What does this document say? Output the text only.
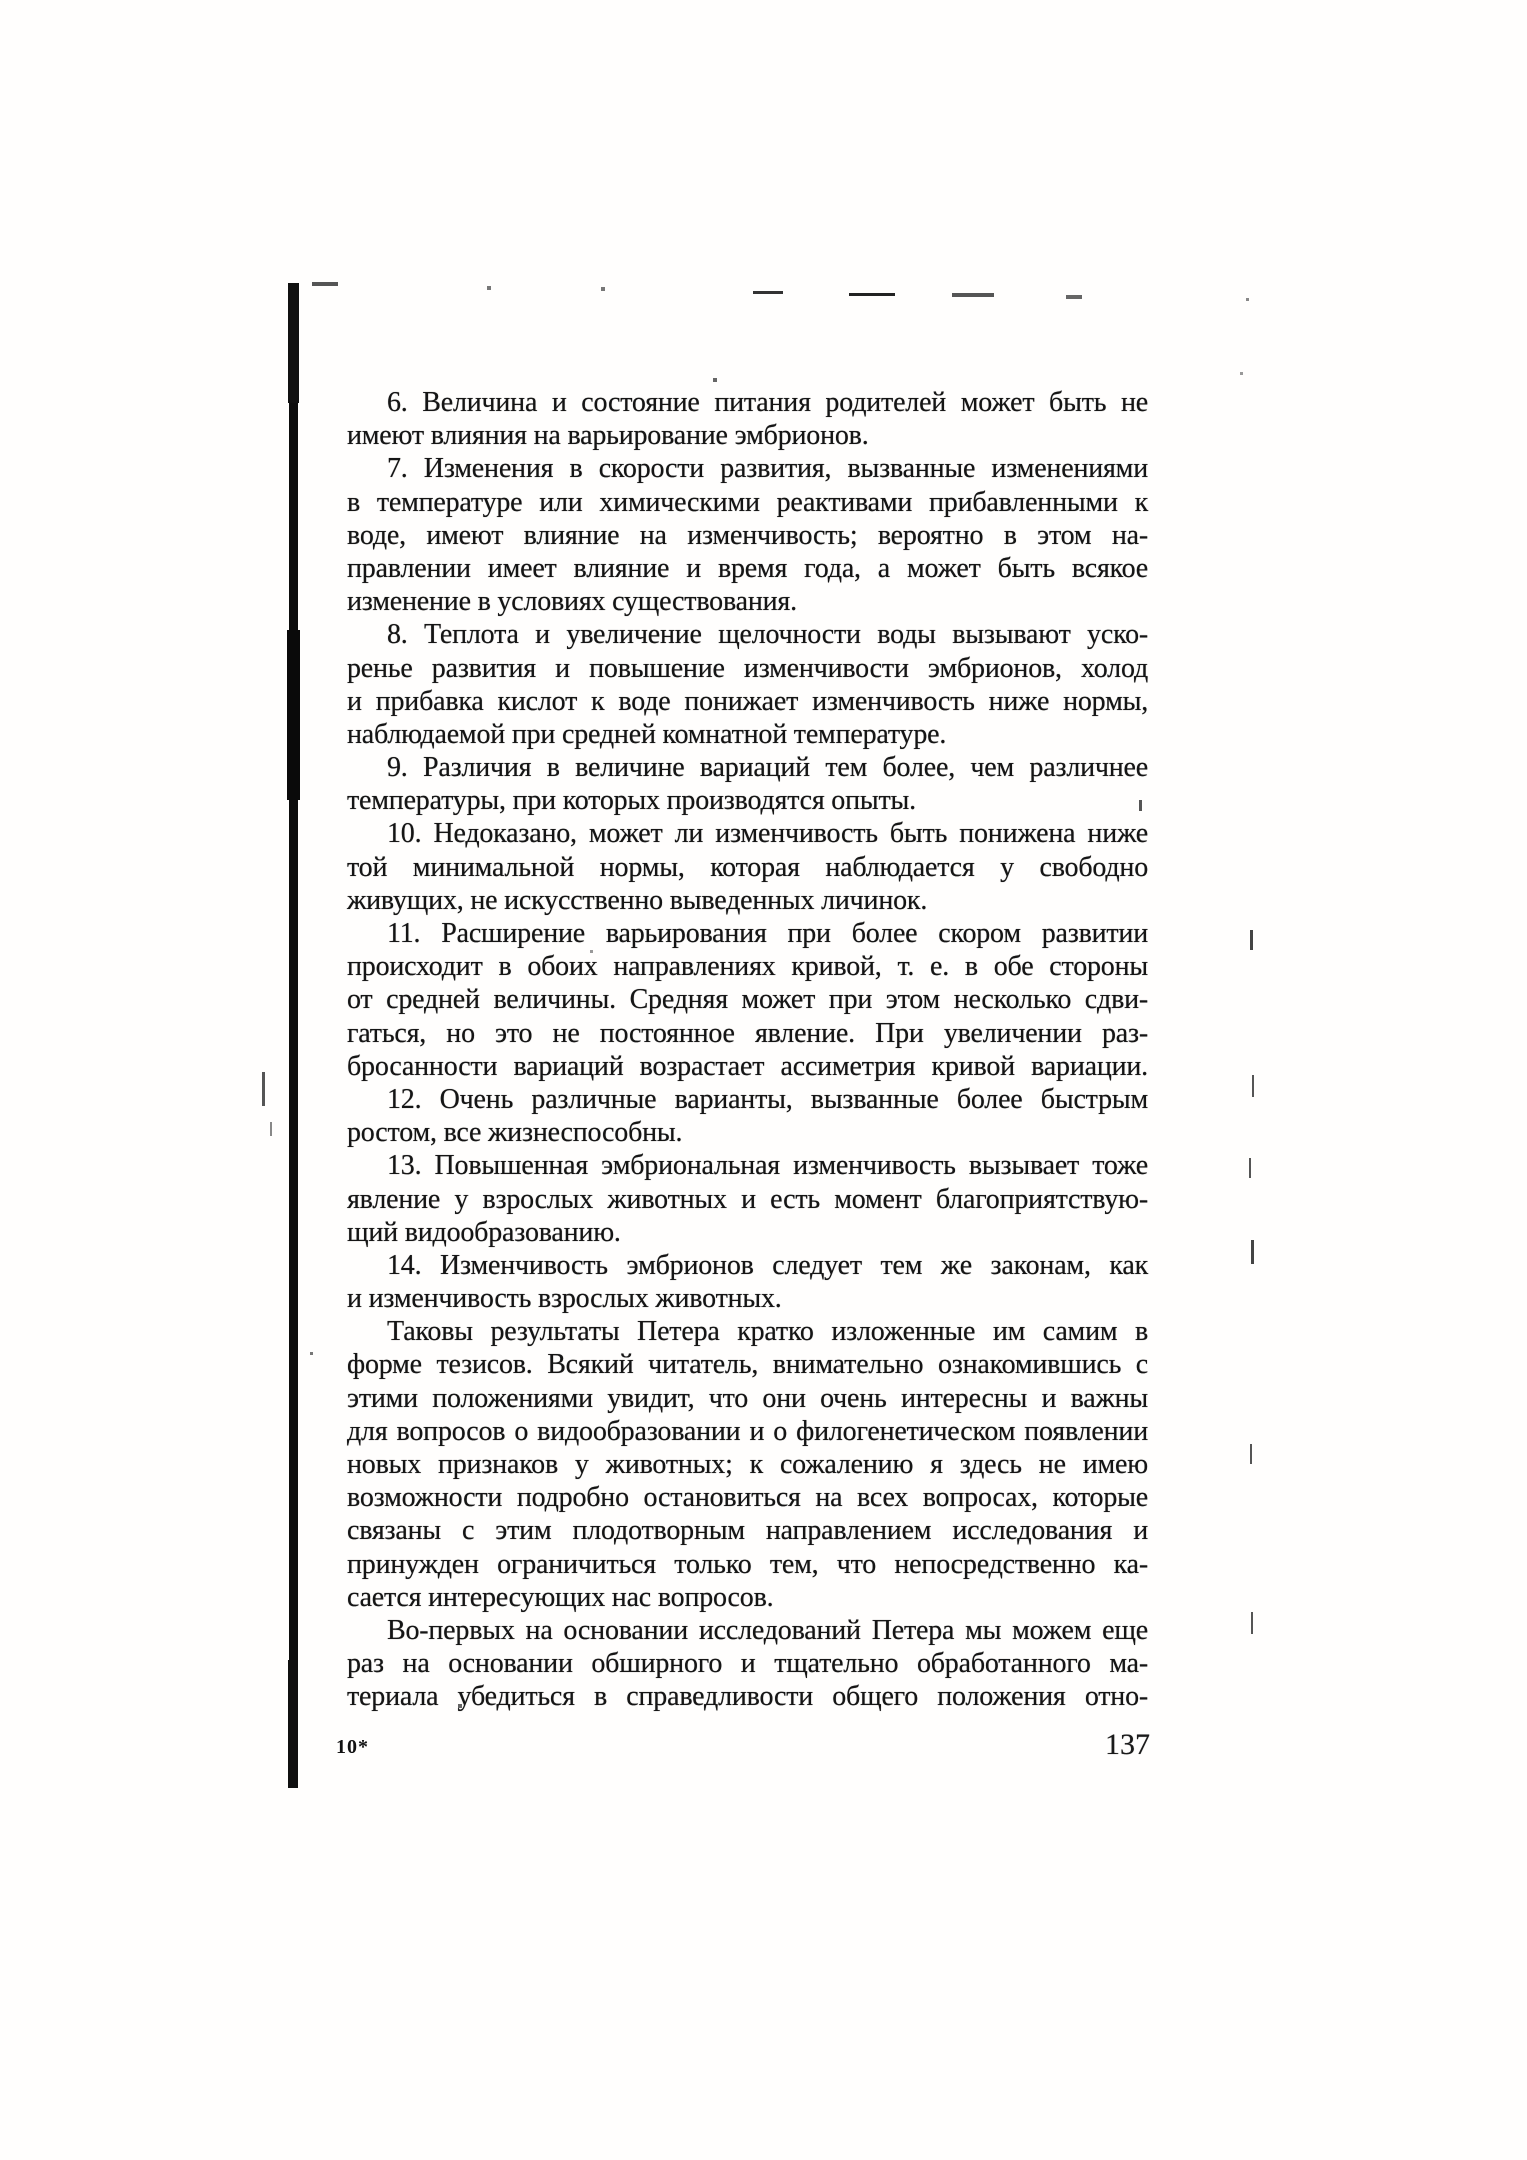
6. Величина и состояние питания родителей может быть не
имеют влияния на варьирование эмбрионов.
7. Изменения в скорости развития, вызванные изменениями
в температуре или химическими реактивами прибавленными к
воде, имеют влияние на изменчивость; вероятно в этом на-
правлении имеет влияние и время года, а может быть всякое
изменение в условиях существования.
8. Теплота и увеличение щелочности воды вызывают уско-
ренье развития и повышение изменчивости эмбрионов, холод
и прибавка кислот к воде понижает изменчивость ниже нормы,
наблюдаемой при средней комнатной температуре.
9. Различия в величине вариаций тем более, чем различнее
температуры, при которых производятся опыты.
10. Недоказано, может ли изменчивость быть понижена ниже
той минимальной нормы, которая наблюдается у свободно
живущих, не искусственно выведенных личинок.
11. Расширение варьирования при более скором развитии
происходит в обоих направлениях кривой, т. е. в обе стороны
от средней величины. Средняя может при этом несколько сдви-
гаться, но это не постоянное явление. При увеличении раз-
бросанности вариаций возрастает ассиметрия кривой вариации.
12. Очень различные варианты, вызванные более быстрым
ростом, все жизнеспособны.
13. Повышенная эмбриональная изменчивость вызывает тоже
явление у взрослых животных и есть момент благоприятствую-
щий видообразованию.
14. Изменчивость эмбрионов следует тем же законам, как
и изменчивость взрослых животных.
Таковы результаты Петера кратко изложенные им самим в
форме тезисов. Всякий читатель, внимательно ознакомившись с
этими положениями увидит, что они очень интересны и важны
для вопросов о видообразовании и о филогенетическом появлении
новых признаков у животных; к сожалению я здесь не имею
возможности подробно остановиться на всех вопросах, которые
связаны с этим плодотворным направлением исследования и
принужден ограничиться только тем, что непосредственно ка-
сается интересующих нас вопросов.
Во-первых на основании исследований Петера мы можем еще
раз на основании обширного и тщательно обработанного ма-
териала убедиться в справедливости общего положения отно-
10*	137
